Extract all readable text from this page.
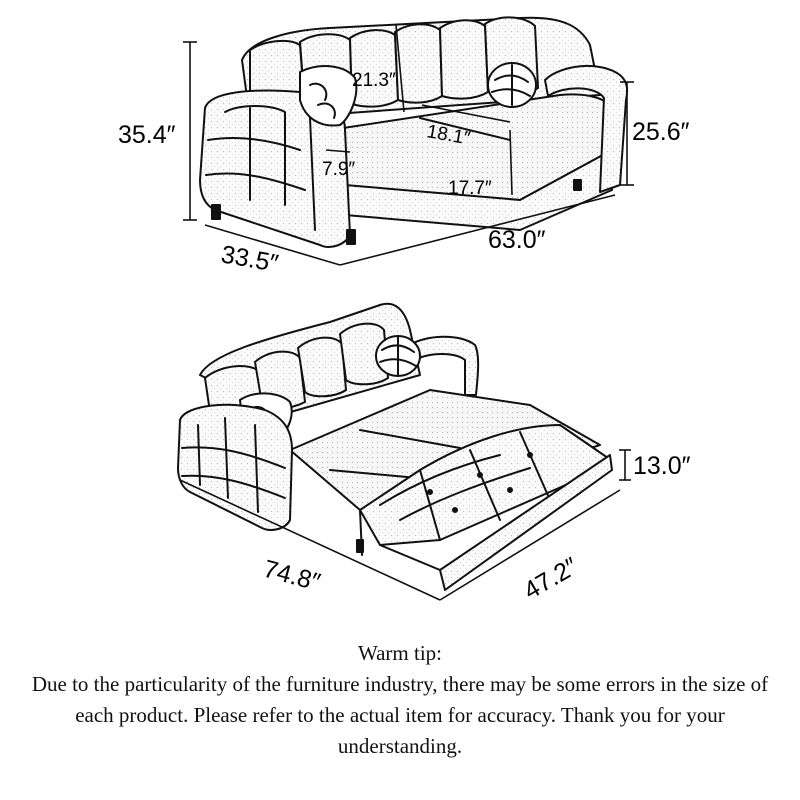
35.4″
21.3″
18.1″	25.6″
7.9″
17.7″
33.5″
63.0″
13.0″
74.8″	47.2″
Warm tip:
Due to the particularity of the furniture industry, there may be some errors in the size of each product. Please refer to the actual item for accuracy. Thank you for your understanding.
